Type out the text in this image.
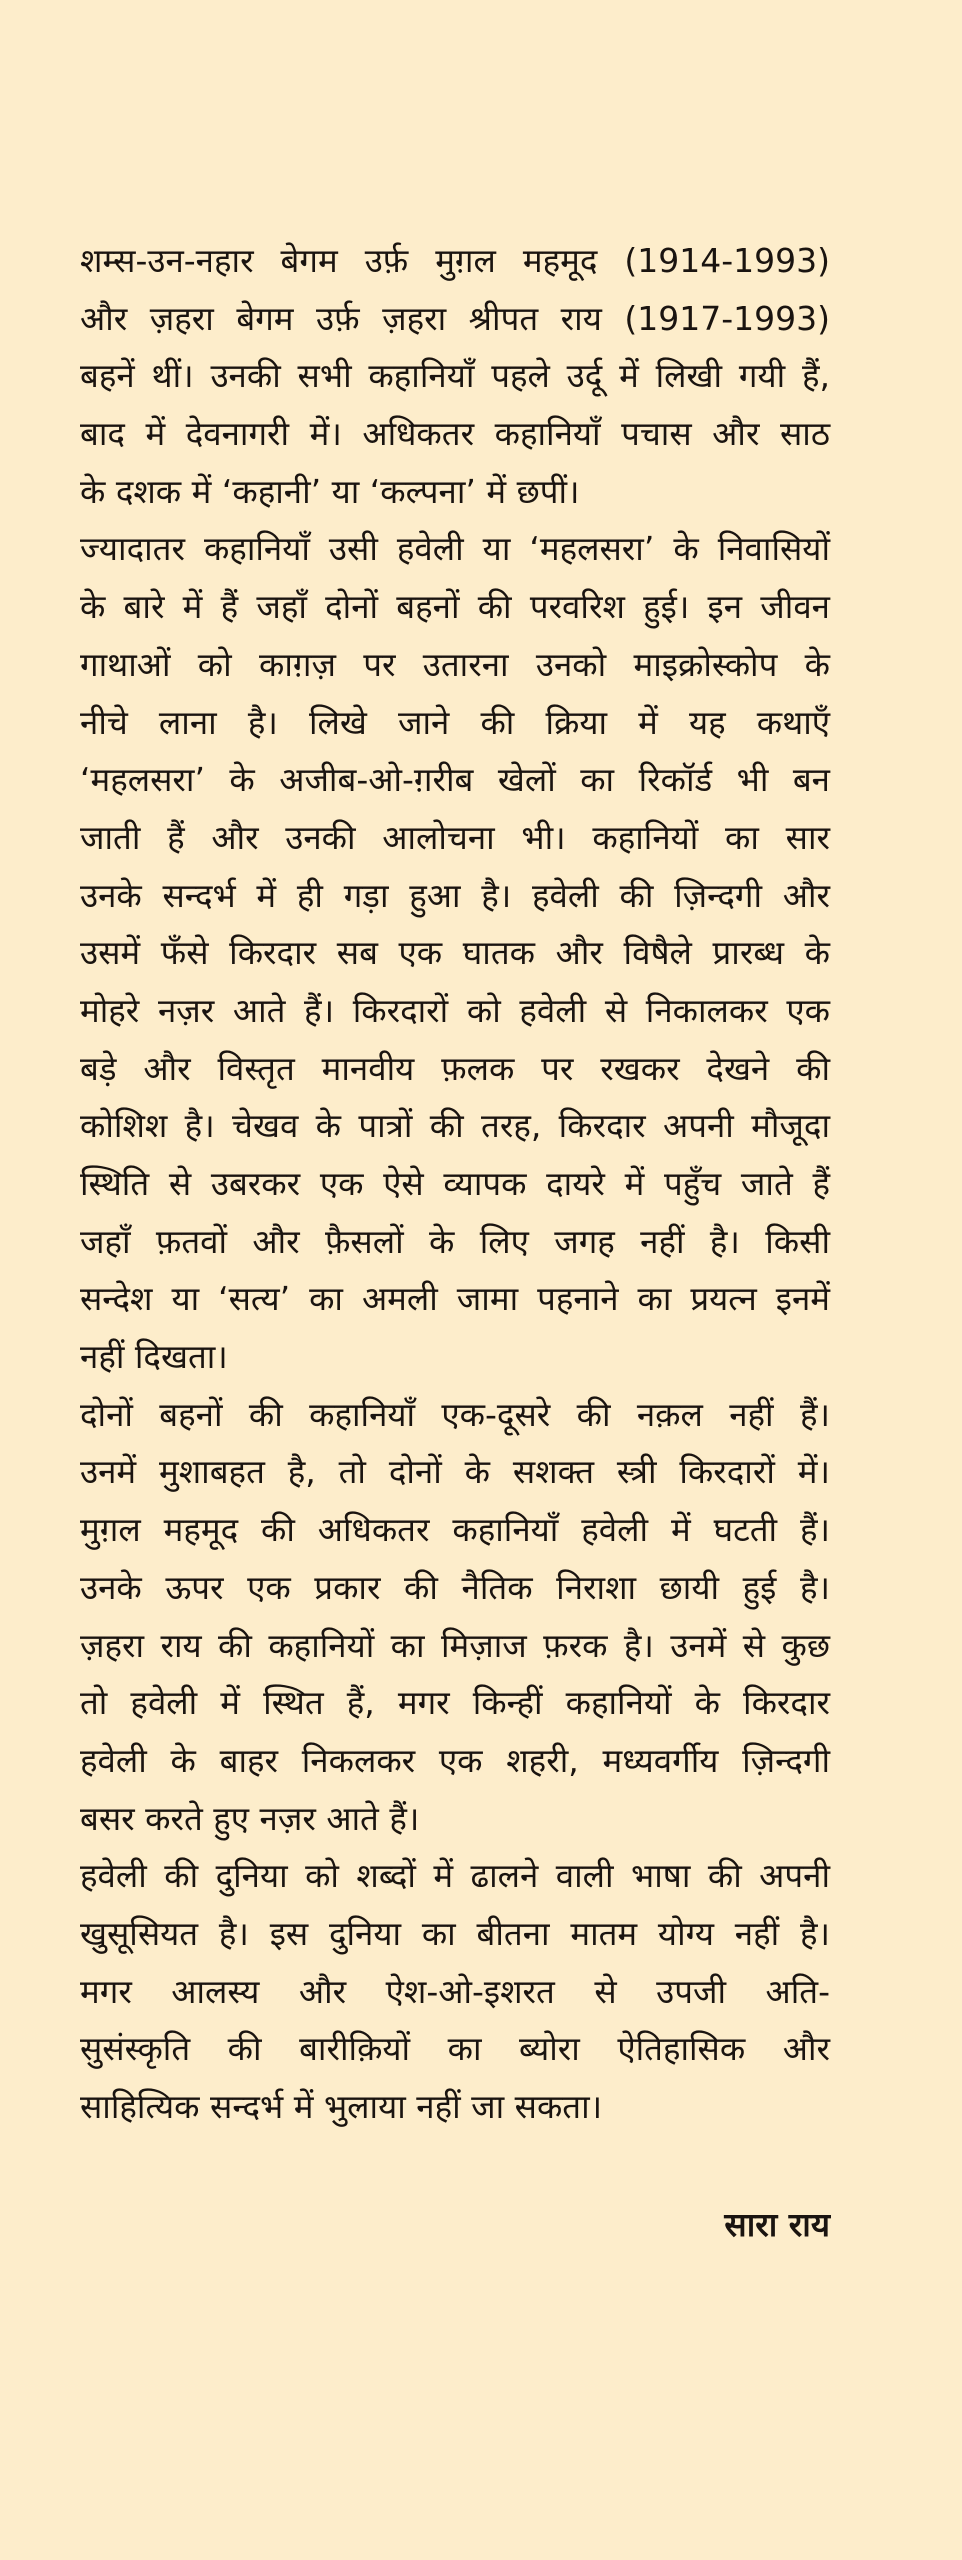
शम्स-उन-नहार बेगम उर्फ़ मुग़ल महमूद (1914-1993)
और ज़हरा बेगम उर्फ़ ज़हरा श्रीपत राय (1917-1993)
बहनें थीं। उनकी सभी कहानियाँ पहले उर्दू में लिखी गयी हैं,
बाद में देवनागरी में। अधिकतर कहानियाँ पचास और साठ
के दशक में ‘कहानी’ या ‘कल्पना’ में छपीं।
ज्यादातर कहानियाँ उसी हवेली या ‘महलसरा’ के निवासियों
के बारे में हैं जहाँ दोनों बहनों की परवरिश हुई। इन जीवन
गाथाओं को काग़ज़ पर उतारना उनको माइक्रोस्कोप के
नीचे लाना है। लिखे जाने की क्रिया में यह कथाएँ
‘महलसरा’ के अजीब-ओ-ग़रीब खेलों का रिकॉर्ड भी बन
जाती हैं और उनकी आलोचना भी। कहानियों का सार
उनके सन्दर्भ में ही गड़ा हुआ है। हवेली की ज़िन्दगी और
उसमें फँसे किरदार सब एक घातक और विषैले प्रारब्ध के
मोहरे नज़र आते हैं। किरदारों को हवेली से निकालकर एक
बड़े और विस्तृत मानवीय फ़लक पर रखकर देखने की
कोशिश है। चेखव के पात्रों की तरह, किरदार अपनी मौजूदा
स्थिति से उबरकर एक ऐसे व्यापक दायरे में पहुँच जाते हैं
जहाँ फ़तवों और फ़ैसलों के लिए जगह नहीं है। किसी
सन्देश या ‘सत्य’ का अमली जामा पहनाने का प्रयत्न इनमें
नहीं दिखता।
दोनों बहनों की कहानियाँ एक-दूसरे की नक़ल नहीं हैं।
उनमें मुशाबहत है, तो दोनों के सशक्त स्त्री किरदारों में।
मुग़ल महमूद की अधिकतर कहानियाँ हवेली में घटती हैं।
उनके ऊपर एक प्रकार की नैतिक निराशा छायी हुई है।
ज़हरा राय की कहानियों का मिज़ाज फ़रक है। उनमें से कुछ
तो हवेली में स्थित हैं, मगर किन्हीं कहानियों के किरदार
हवेली के बाहर निकलकर एक शहरी, मध्यवर्गीय ज़िन्दगी
बसर करते हुए नज़र आते हैं।
हवेली की दुनिया को शब्दों में ढालने वाली भाषा की अपनी
खुसूसियत है। इस दुनिया का बीतना मातम योग्य नहीं है।
मगर आलस्य और ऐश-ओ-इशरत से उपजी अति-
सुसंस्कृति की बारीक़ियों का ब्योरा ऐतिहासिक और
साहित्यिक सन्दर्भ में भुलाया नहीं जा सकता।
सारा राय
